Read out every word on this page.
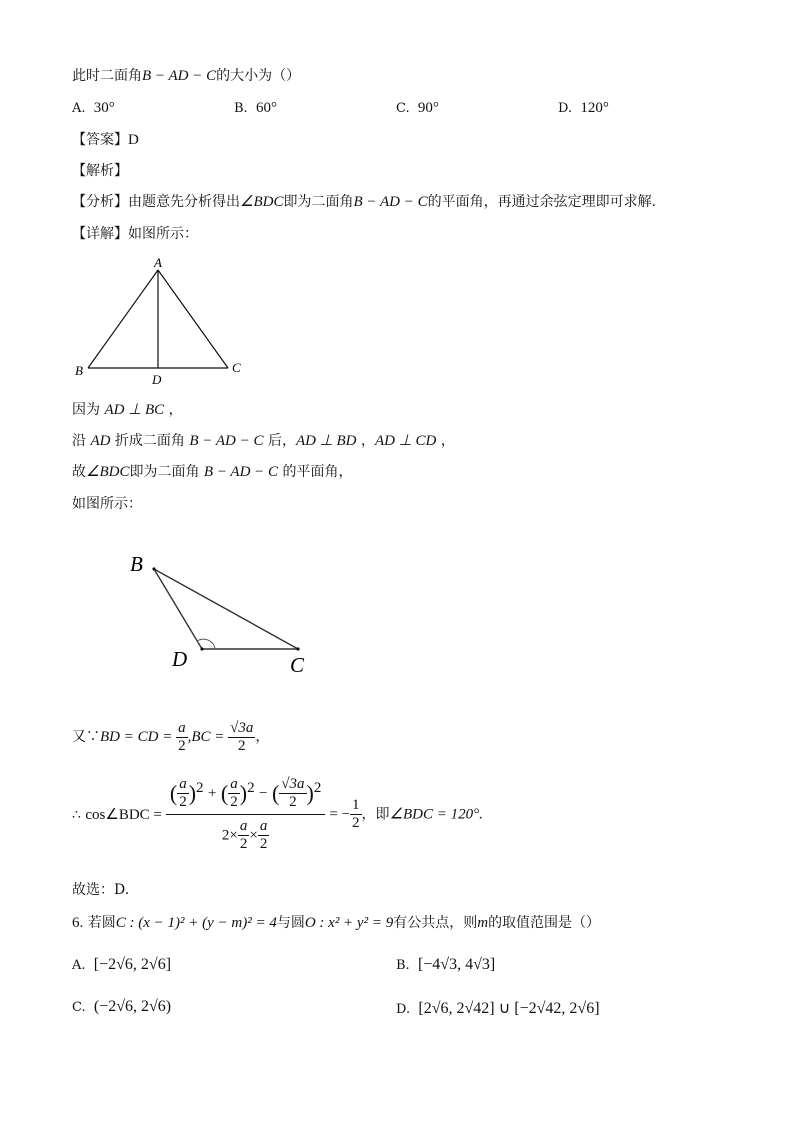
此时二面角B − AD − C的大小为（）
A. 30°	B. 60°	C. 90°	D. 120°
【答案】D
【解析】
【分析】由题意先分析得出∠BDC即为二面角B − AD − C的平面角，再通过余弦定理即可求解.
【详解】如图所示：
A
B	C
D
因为 AD ⊥ BC ，
沿 AD 折成二面角 B − AD − C 后，AD ⊥ BD ，AD ⊥ CD ，
故∠BDC即为二面角 B − AD − C 的平面角，
如图所示：
B
D	C
又∵BD = CD = $\frac{a}{2} ,BC = \frac{√3a}{2}$ ，
∴ cos∠BDC =	
( $\frac{a}{2} )^2$ + ( $\frac{a}{2} )^2$ − ( $\frac{√3a}{2} )^2$
$2\times \frac{a}{2} \times \frac{a}{2}$
	= − $\frac{1}{2}$ ，即∠BDC = 120°.
故选：D.
6. 若圆C : (x − 1)² + (y − m)² = 4与圆O : x² + y² = 9有公共点，则m的取值范围是（）
A. [−2√6, 2√6]	B. [−4√3, 4√3]
C. (−2√6, 2√6)	D. [2√6, 2√42] ∪ [−2√42, 2√6]
